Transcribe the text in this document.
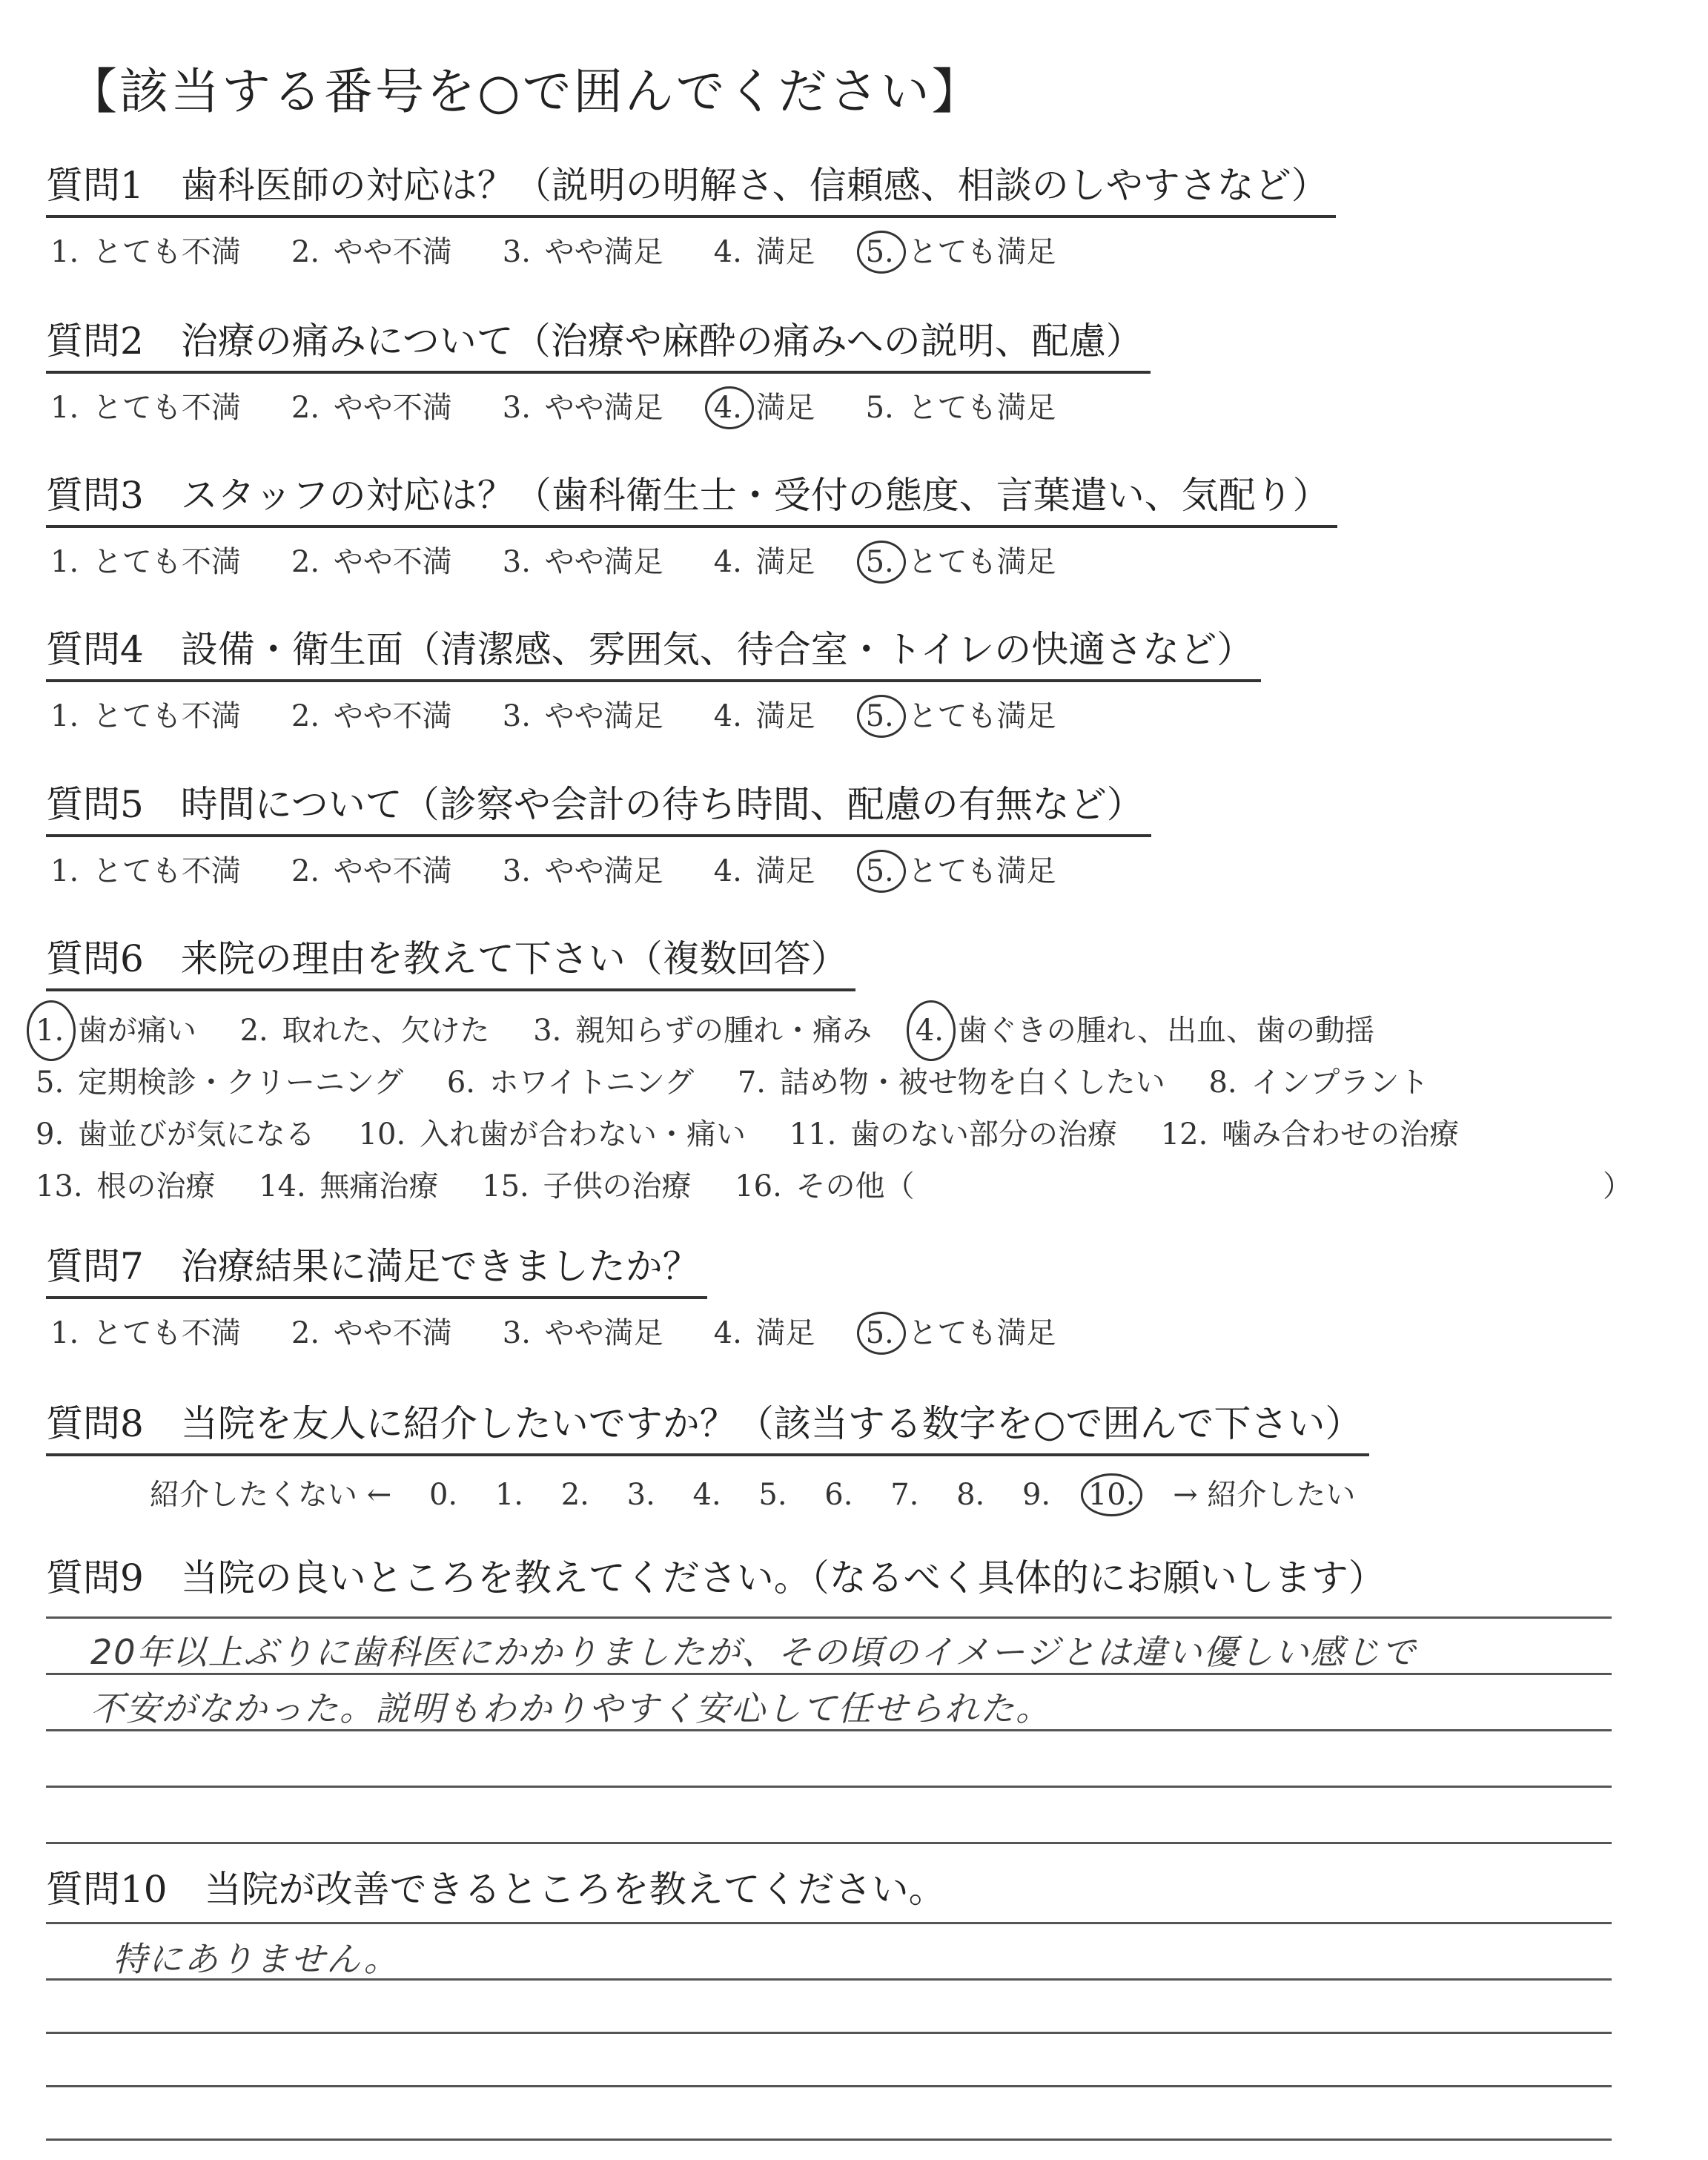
【該当する番号を○で囲んでください】
質問1　歯科医師の対応は？（説明の明解さ、信頼感、相談のしやすさなど）
1. とても不満 2. やや不満 3. やや満足 4. 満足 5. とても満足
質問2　治療の痛みについて（治療や麻酔の痛みへの説明、配慮）
1. とても不満 2. やや不満 3. やや満足 4. 満足 5. とても満足
質問3　スタッフの対応は？（歯科衛生士・受付の態度、言葉遣い、気配り）
1. とても不満 2. やや不満 3. やや満足 4. 満足 5. とても満足
質問4　設備・衛生面（清潔感、雰囲気、待合室・トイレの快適さなど）
1. とても不満 2. やや不満 3. やや満足 4. 満足 5. とても満足
質問5　時間について（診察や会計の待ち時間、配慮の有無など）
1. とても不満 2. やや不満 3. やや満足 4. 満足 5. とても満足
質問6　来院の理由を教えて下さい（複数回答）
1. 歯が痛い 2. 取れた、欠けた 3. 親知らずの腫れ・痛み 4. 歯ぐきの腫れ、出血、歯の動揺
5. 定期検診・クリーニング 6. ホワイトニング 7. 詰め物・被せ物を白くしたい 8. インプラント
9. 歯並びが気になる 10. 入れ歯が合わない・痛い 11. 歯のない部分の治療 12. 噛み合わせの治療
13. 根の治療 14. 無痛治療 15. 子供の治療 16. その他（	）
質問7　治療結果に満足できましたか？
1. とても不満 2. やや不満 3. やや満足 4. 満足 5. とても満足
質問8　当院を友人に紹介したいですか？（該当する数字を○で囲んで下さい）
紹介したくない ← 0. 1. 2. 3. 4. 5. 6. 7. 8. 9. 10. → 紹介したい
質問9　当院の良いところを教えてください。（なるべく具体的にお願いします）
20年以上ぶりに歯科医にかかりましたが、その頃のイメージとは違い優しい感じで
不安がなかった。説明もわかりやすく安心して任せられた。
質問10　当院が改善できるところを教えてください。
特にありません。
